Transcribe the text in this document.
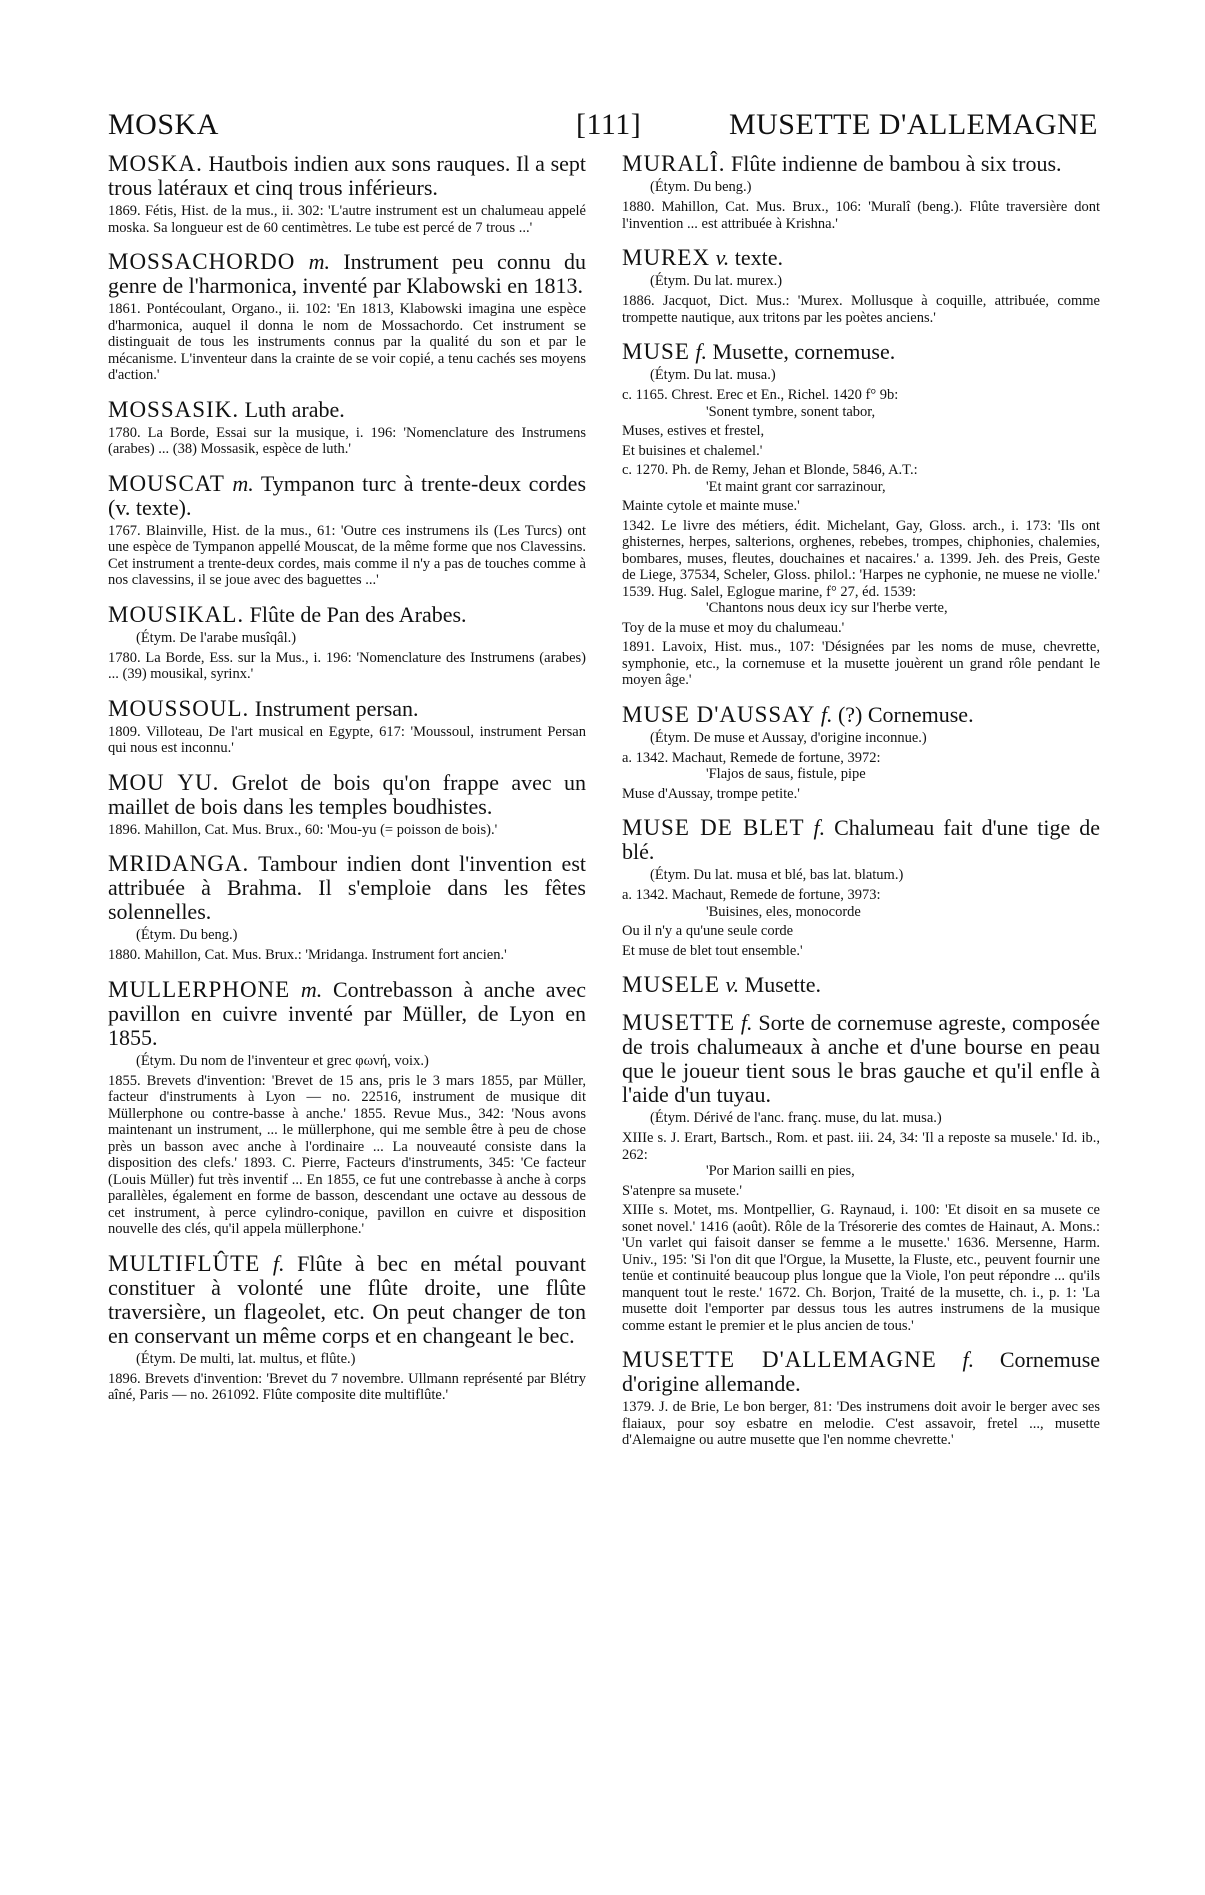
MOSKA	[111]	MUSETTE D'ALLEMAGNE

MOSKA. Hautbois indien aux sons rauques. Il a sept trous latéraux et cinq trous inférieurs.

1869. Fétis, Hist. de la mus., ii. 302: 'L'autre instrument est un chalumeau appelé moska. Sa longueur est de 60 centimètres. Le tube est percé de 7 trous ...'

MOSSACHORDO m. Instrument peu connu du genre de l'harmonica, inventé par Klabowski en 1813.

1861. Pontécoulant, Organo., ii. 102: 'En 1813, Klabowski imagina une espèce d'harmonica, auquel il donna le nom de Mossachordo. Cet instrument se distinguait de tous les instruments connus par la qualité du son et par le mécanisme. L'inventeur dans la crainte de se voir copié, a tenu cachés ses moyens d'action.'

MOSSASIK. Luth arabe.

1780. La Borde, Essai sur la musique, i. 196: 'Nomenclature des Instrumens (arabes) ... (38) Mossasik, espèce de luth.'

MOUSCAT m. Tympanon turc à trente-deux cordes (v. texte).

1767. Blainville, Hist. de la mus., 61: 'Outre ces instrumens ils (Les Turcs) ont une espèce de Tympanon appellé Mouscat, de la même forme que nos Clavessins. Cet instrument a trente-deux cordes, mais comme il n'y a pas de touches comme à nos clavessins, il se joue avec des baguettes ...'

MOUSIKAL. Flûte de Pan des Arabes.

(Étym. De l'arabe musîqâl.)

1780. La Borde, Ess. sur la Mus., i. 196: 'Nomenclature des Instrumens (arabes) ... (39) mousikal, syrinx.'

MOUSSOUL. Instrument persan.

1809. Villoteau, De l'art musical en Egypte, 617: 'Moussoul, instrument Persan qui nous est inconnu.'

MOU YU. Grelot de bois qu'on frappe avec un maillet de bois dans les temples boudhistes.

1896. Mahillon, Cat. Mus. Brux., 60: 'Mou-yu (= poisson de bois).'

MRIDANGA. Tambour indien dont l'invention est attribuée à Brahma. Il s'emploie dans les fêtes solennelles.

(Étym. Du beng.)

1880. Mahillon, Cat. Mus. Brux.: 'Mridanga. Instrument fort ancien.'

MULLERPHONE m. Contrebasson à anche avec pavillon en cuivre inventé par Müller, de Lyon en 1855.

(Étym. Du nom de l'inventeur et grec φωνή, voix.)

1855. Brevets d'invention: 'Brevet de 15 ans, pris le 3 mars 1855, par Müller, facteur d'instruments à Lyon — no. 22516, instrument de musique dit Müllerphone ou contre-basse à anche.' 1855. Revue Mus., 342: 'Nous avons maintenant un instrument, ... le müllerphone, qui me semble être à peu de chose près un basson avec anche à l'ordinaire ... La nouveauté consiste dans la disposition des clefs.' 1893. C. Pierre, Facteurs d'instruments, 345: 'Ce facteur (Louis Müller) fut très inventif ... En 1855, ce fut une contrebasse à anche à corps parallèles, également en forme de basson, descendant une octave au dessous de cet instrument, à perce cylindro-conique, pavillon en cuivre et disposition nouvelle des clés, qu'il appela müllerphone.'

MULTIFLÛTE f. Flûte à bec en métal pouvant constituer à volonté une flûte droite, une flûte traversière, un flageolet, etc. On peut changer de ton en conservant un même corps et en changeant le bec.

(Étym. De multi, lat. multus, et flûte.)

1896. Brevets d'invention: 'Brevet du 7 novembre. Ullmann représenté par Blétry aîné, Paris — no. 261092. Flûte composite dite multiflûte.'

MURALÎ. Flûte indienne de bambou à six trous.

(Étym. Du beng.)

1880. Mahillon, Cat. Mus. Brux., 106: 'Muralî (beng.). Flûte traversière dont l'invention ... est attribuée à Krishna.'

MUREX v. texte.

(Étym. Du lat. murex.)

1886. Jacquot, Dict. Mus.: 'Murex. Mollusque à coquille, attribuée, comme trompette nautique, aux tritons par les poètes anciens.'

MUSE f. Musette, cornemuse.

(Étym. Du lat. musa.)

c. 1165. Chrest. Erec et En., Richel. 1420 f° 9b:

'Sonent tymbre, sonent tabor,

Muses, estives et frestel,

Et buisines et chalemel.'

c. 1270. Ph. de Remy, Jehan et Blonde, 5846, A.T.:

'Et maint grant cor sarrazinour,

Mainte cytole et mainte muse.'

1342. Le livre des métiers, édit. Michelant, Gay, Gloss. arch., i. 173: 'Ils ont ghisternes, herpes, salterions, orghenes, rebebes, trompes, chiphonies, chalemies, bombares, muses, fleutes, douchaines et nacaires.' a. 1399. Jeh. des Preis, Geste de Liege, 37534, Scheler, Gloss. philol.: 'Harpes ne cyphonie, ne muese ne violle.' 1539. Hug. Salel, Eglogue marine, f° 27, éd. 1539:

'Chantons nous deux icy sur l'herbe verte,

Toy de la muse et moy du chalumeau.'

1891. Lavoix, Hist. mus., 107: 'Désignées par les noms de muse, chevrette, symphonie, etc., la cornemuse et la musette jouèrent un grand rôle pendant le moyen âge.'

MUSE D'AUSSAY f. (?) Cornemuse.

(Étym. De muse et Aussay, d'origine inconnue.)

a. 1342. Machaut, Remede de fortune, 3972:

'Flajos de saus, fistule, pipe

Muse d'Aussay, trompe petite.'

MUSE DE BLET f. Chalumeau fait d'une tige de blé.

(Étym. Du lat. musa et blé, bas lat. blatum.)

a. 1342. Machaut, Remede de fortune, 3973:

'Buisines, eles, monocorde

Ou il n'y a qu'une seule corde

Et muse de blet tout ensemble.'

MUSELE v. Musette.

MUSETTE f. Sorte de cornemuse agreste, composée de trois chalumeaux à anche et d'une bourse en peau que le joueur tient sous le bras gauche et qu'il enfle à l'aide d'un tuyau.

(Étym. Dérivé de l'anc. franç. muse, du lat. musa.)

XIIIe s. J. Erart, Bartsch., Rom. et past. iii. 24, 34: 'Il a reposte sa musele.' Id. ib., 262:

'Por Marion sailli en pies,

S'atenpre sa musete.'

XIIIe s. Motet, ms. Montpellier, G. Raynaud, i. 100: 'Et disoit en sa musete ce sonet novel.' 1416 (août). Rôle de la Trésorerie des comtes de Hainaut, A. Mons.: 'Un varlet qui faisoit danser se femme a le musette.' 1636. Mersenne, Harm. Univ., 195: 'Si l'on dit que l'Orgue, la Musette, la Fluste, etc., peuvent fournir une tenüe et continuité beaucoup plus longue que la Viole, l'on peut répondre ... qu'ils manquent tout le reste.' 1672. Ch. Borjon, Traité de la musette, ch. i., p. 1: 'La musette doit l'emporter par dessus tous les autres instrumens de la musique comme estant le premier et le plus ancien de tous.'

MUSETTE D'ALLEMAGNE f. Cornemuse d'origine allemande.

1379. J. de Brie, Le bon berger, 81: 'Des instrumens doit avoir le berger avec ses flaiaux, pour soy esbatre en melodie. C'est assavoir, fretel ..., musette d'Alemaigne ou autre musette que l'en nomme chevrette.'
